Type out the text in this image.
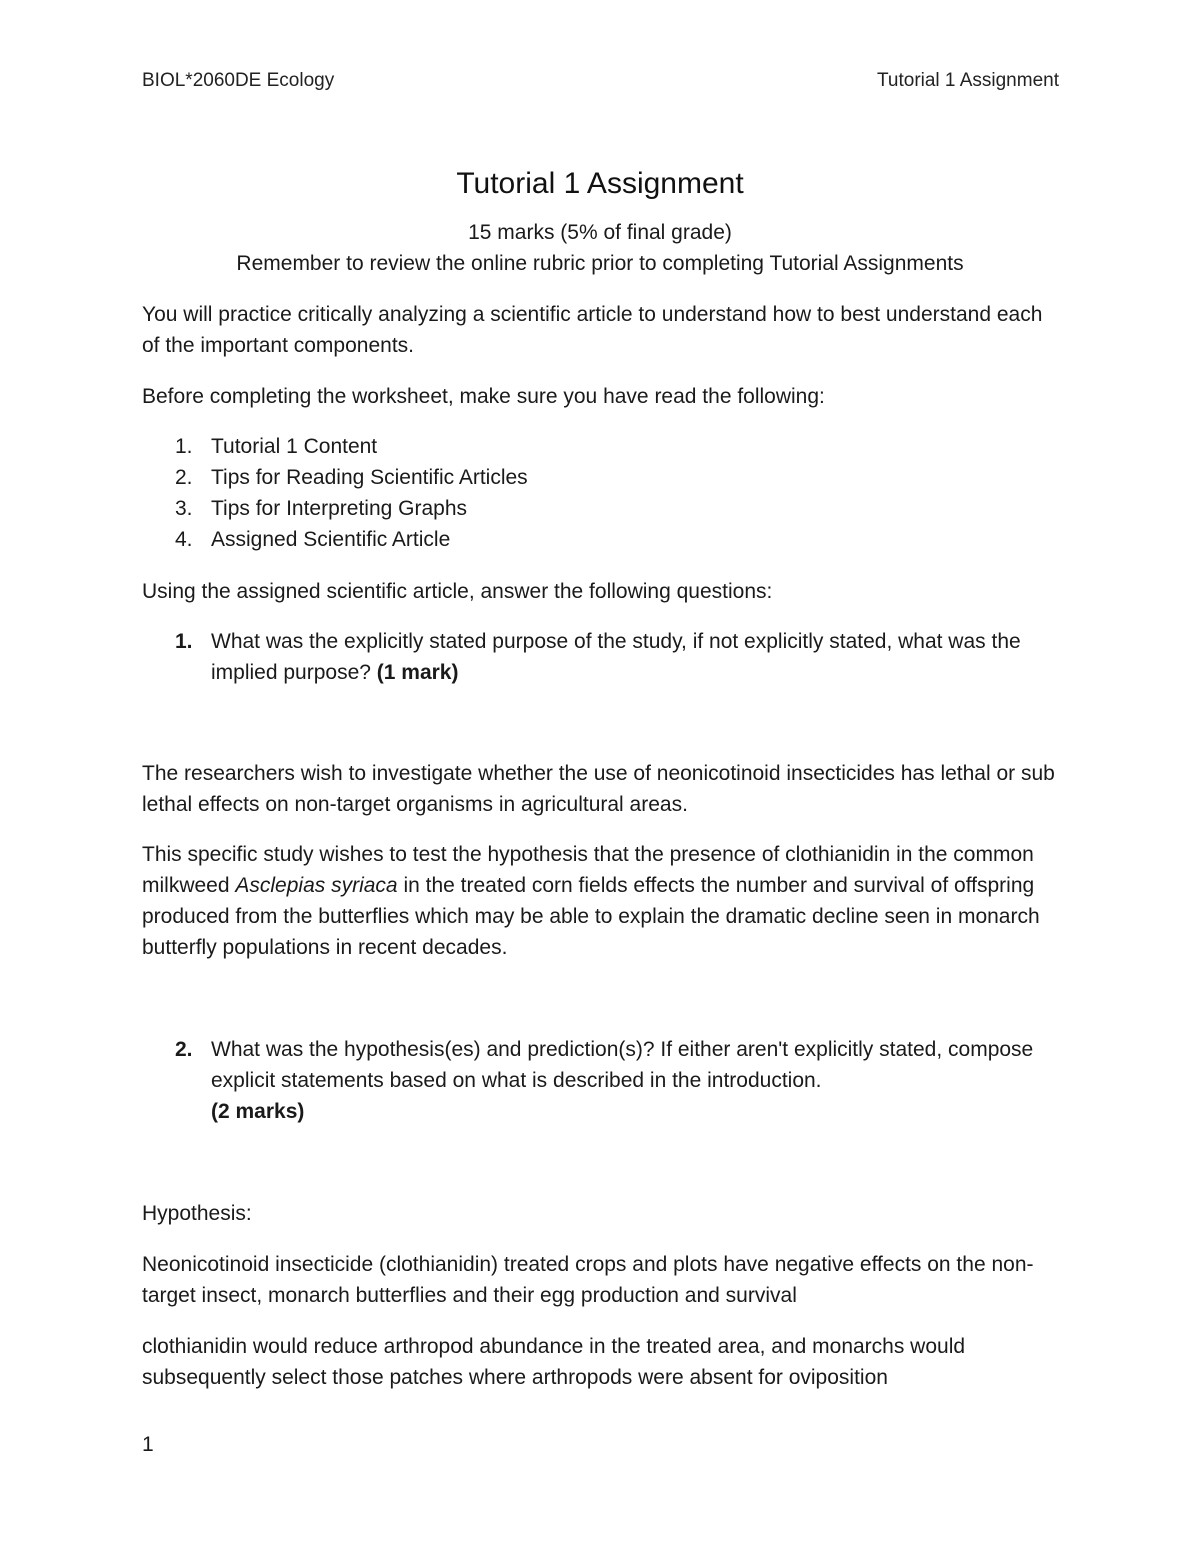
BIOL*2060DE Ecology	Tutorial 1 Assignment
Tutorial 1 Assignment
15 marks (5% of final grade)
Remember to review the online rubric prior to completing Tutorial Assignments

You will practice critically analyzing a scientific article to understand how to best understand each of the important components.

Before completing the worksheet, make sure you have read the following:

1. Tutorial 1 Content
2. Tips for Reading Scientific Articles
3. Tips for Interpreting Graphs
4. Assigned Scientific Article

Using the assigned scientific article, answer the following questions:

1. What was the explicitly stated purpose of the study, if not explicitly stated, what was the implied purpose? (1 mark)

The researchers wish to investigate whether the use of neonicotinoid insecticides has lethal or sub lethal effects on non-target organisms in agricultural areas.

This specific study wishes to test the hypothesis that the presence of clothianidin in the common milkweed Asclepias syriaca in the treated corn fields effects the number and survival of offspring produced from the butterflies which may be able to explain the dramatic decline seen in monarch butterfly populations in recent decades.

2. What was the hypothesis(es) and prediction(s)? If either aren't explicitly stated, compose explicit statements based on what is described in the introduction.
(2 marks)

Hypothesis:

Neonicotinoid insecticide (clothianidin) treated crops and plots have negative effects on the non-target insect, monarch butterflies and their egg production and survival

clothianidin would reduce arthropod abundance in the treated area, and monarchs would subsequently select those patches where arthropods were absent for oviposition

1
